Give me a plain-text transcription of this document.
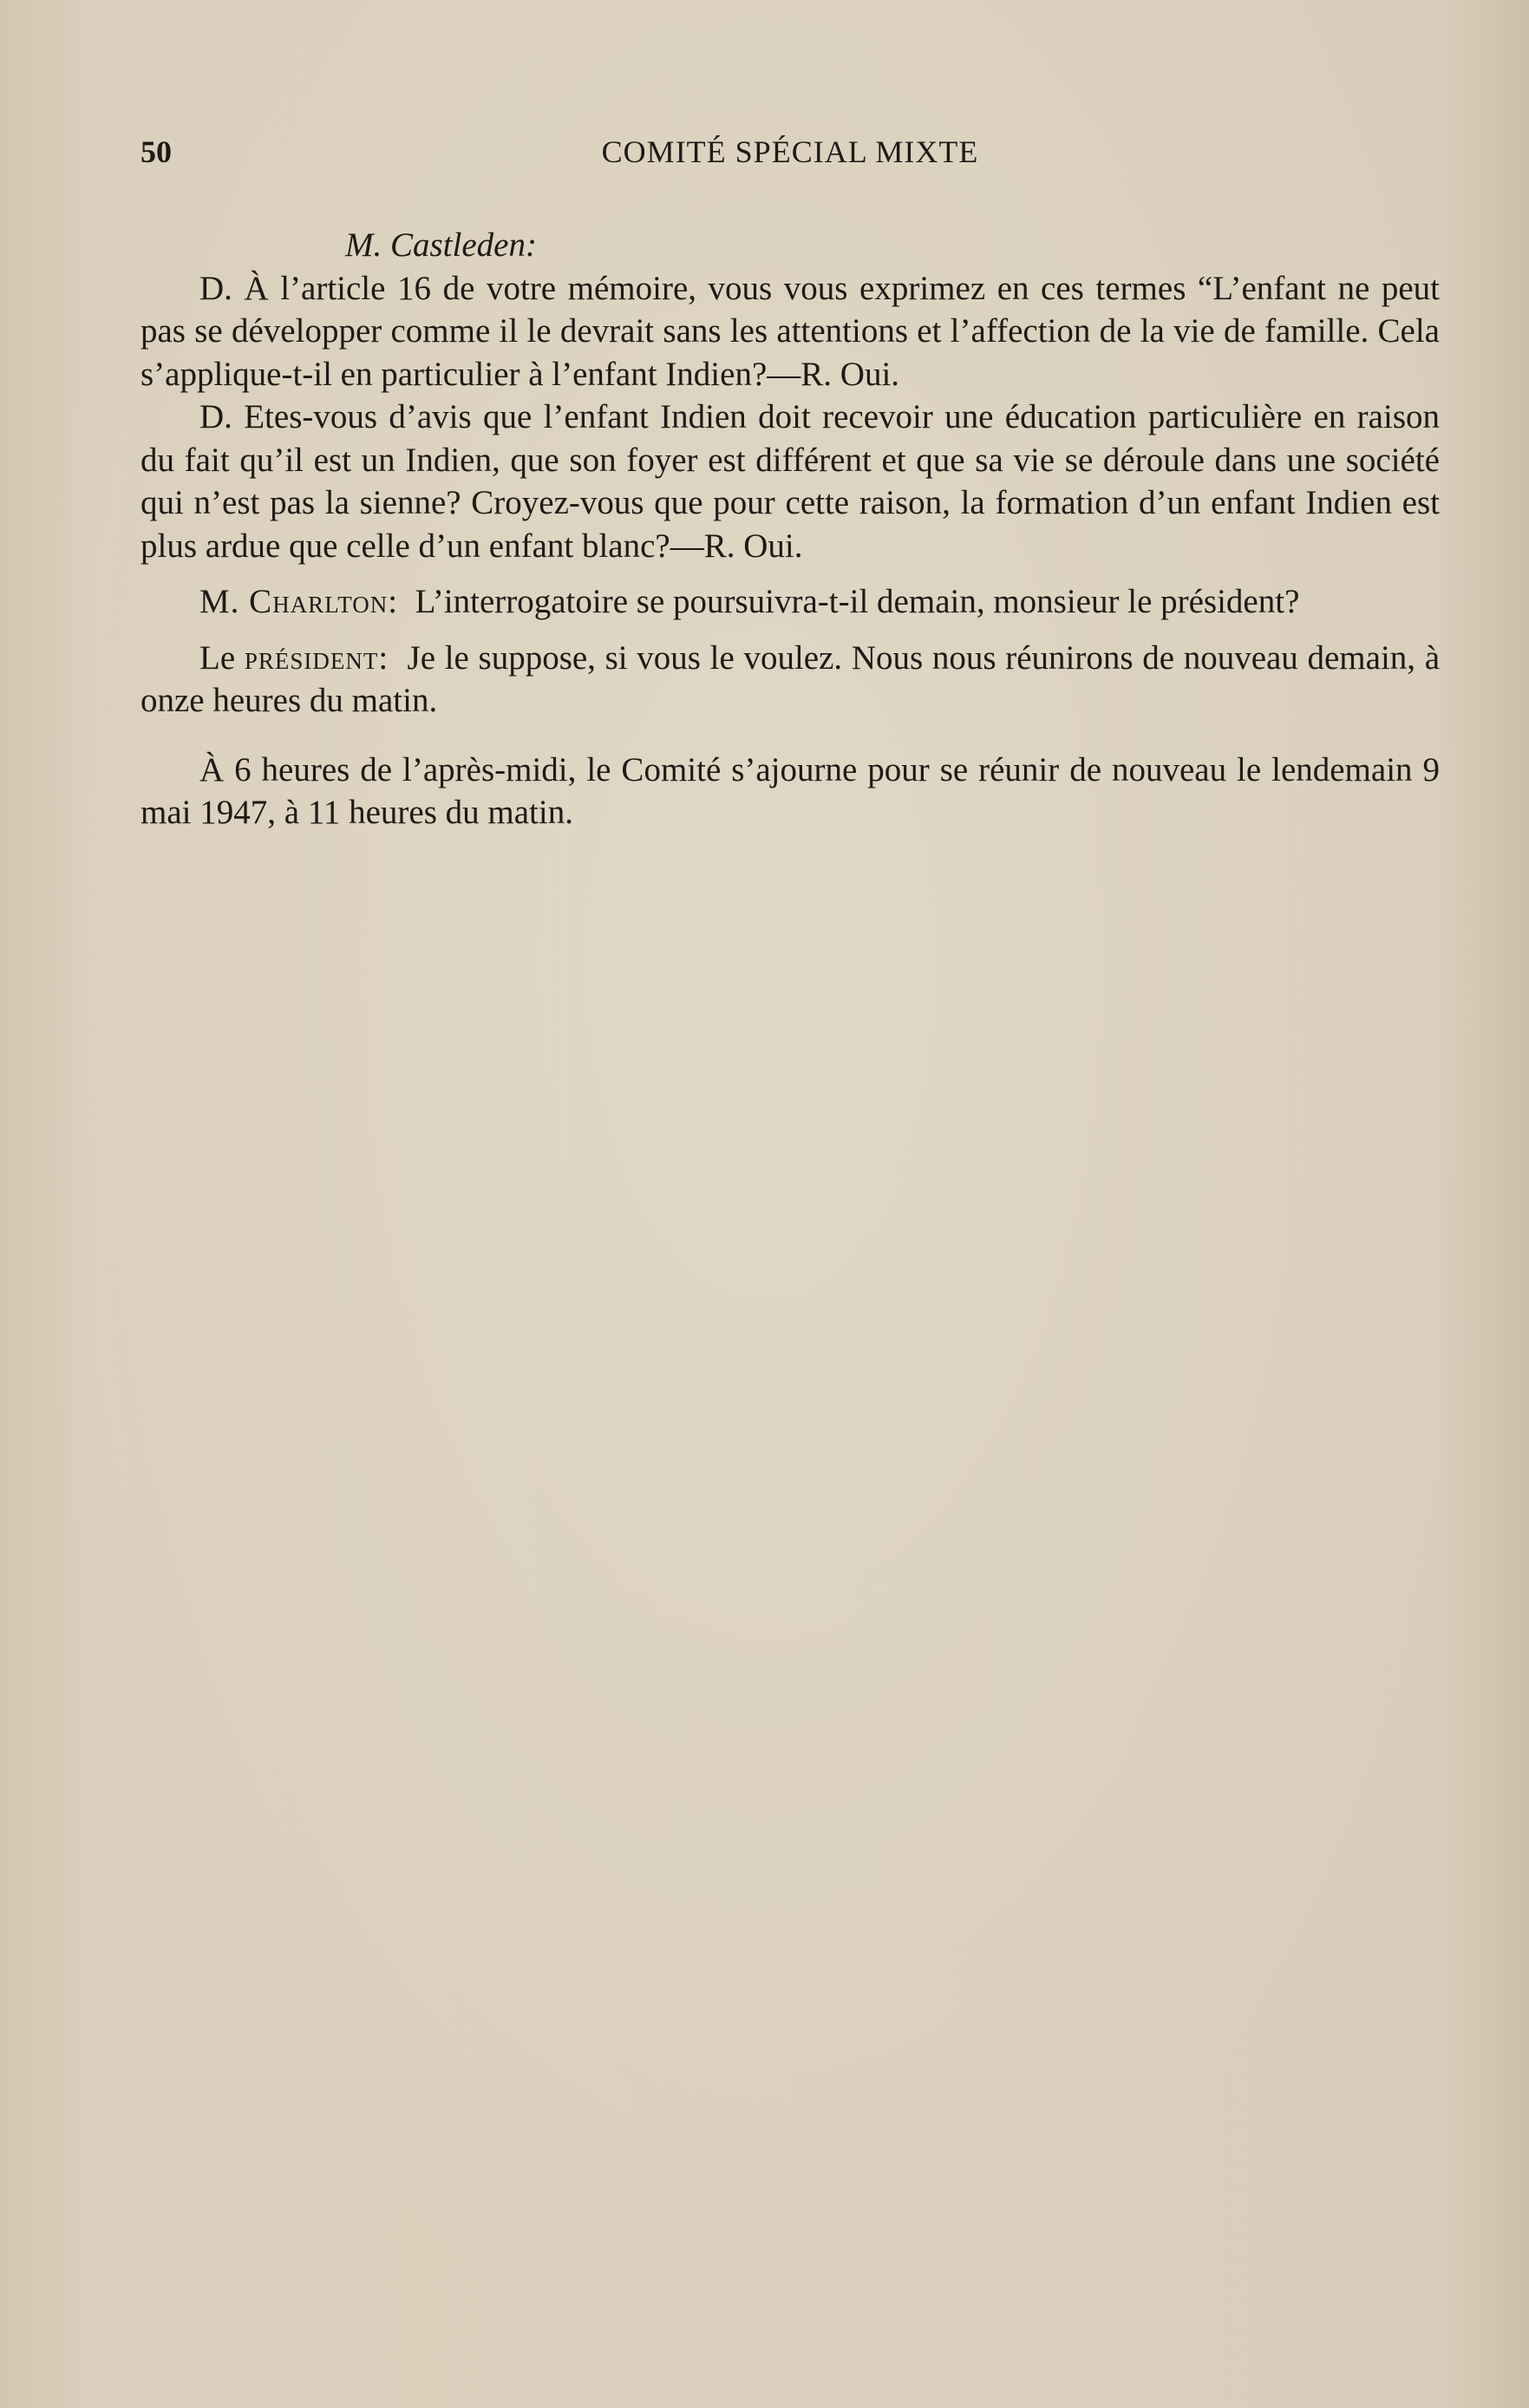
50	COMITÉ SPÉCIAL MIXTE

M. Castleden:

D. À l’article 16 de votre mémoire, vous vous exprimez en ces termes “L’enfant ne peut pas se développer comme il le devrait sans les attentions et l’affection de la vie de famille. Cela s’applique-t-il en particulier à l’enfant Indien?—R. Oui.

D. Etes-vous d’avis que l’enfant Indien doit recevoir une éducation particulière en raison du fait qu’il est un Indien, que son foyer est différent et que sa vie se déroule dans une société qui n’est pas la sienne? Croyez-vous que pour cette raison, la formation d’un enfant Indien est plus ardue que celle d’un enfant blanc?—R. Oui.

M. Charlton: L’interrogatoire se poursuivra-t-il demain, monsieur le président?

Le président: Je le suppose, si vous le voulez. Nous nous réunirons de nouveau demain, à onze heures du matin.

À 6 heures de l’après-midi, le Comité s’ajourne pour se réunir de nouveau le lendemain 9 mai 1947, à 11 heures du matin.
